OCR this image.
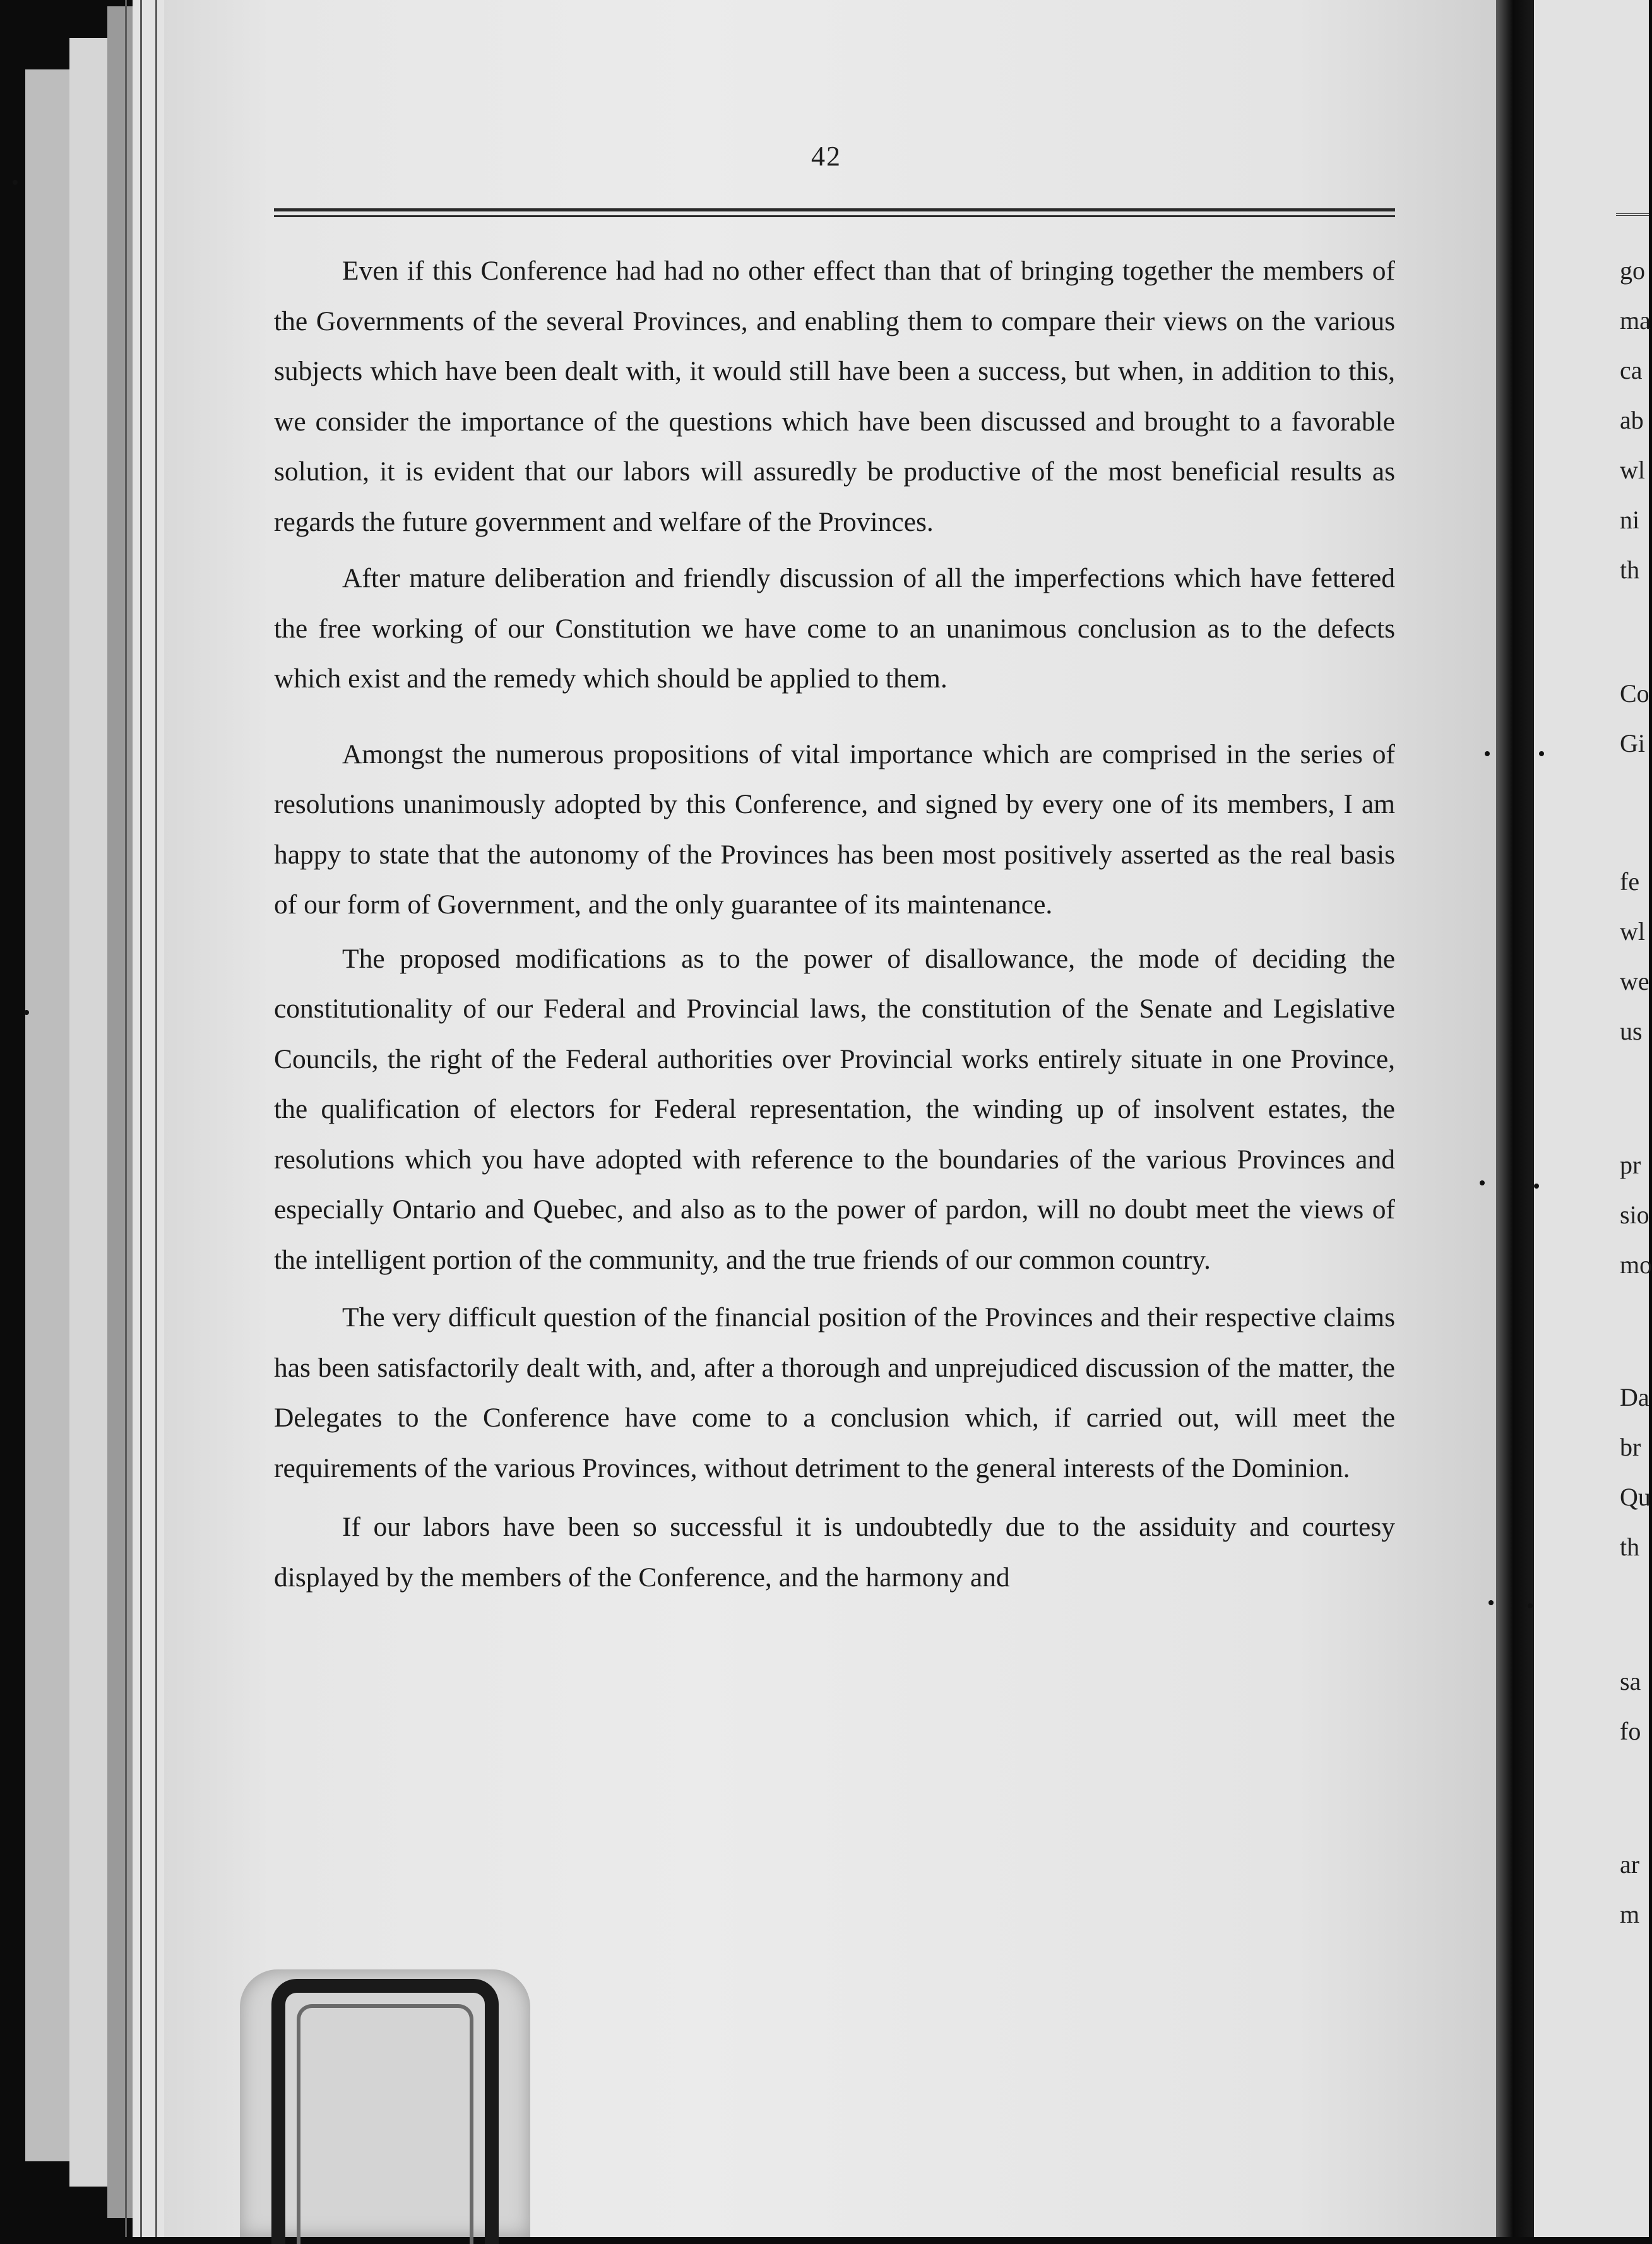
42

Even if this Conference had had no other effect than that of bringing together the members of the Governments of the several Provinces, and enabling them to compare their views on the various subjects which have been dealt with, it would still have been a success, but when, in addition to this, we consider the importance of the questions which have been discussed and brought to a favorable solution, it is evident that our labors will assuredly be productive of the most beneficial results as regards the future government and welfare of the Provinces.

After mature deliberation and friendly discussion of all the imperfections which have fettered the free working of our Constitution we have come to an unanimous conclusion as to the defects which exist and the remedy which should be applied to them.

Amongst the numerous propositions of vital importance which are comprised in the series of resolutions unanimously adopted by this Conference, and signed by every one of its members, I am happy to state that the autonomy of the Provinces has been most positively asserted as the real basis of our form of Government, and the only guarantee of its maintenance.

The proposed modifications as to the power of disallowance, the mode of deciding the constitutionality of our Federal and Provincial laws, the constitution of the Senate and Legislative Councils, the right of the Federal authorities over Provincial works entirely situate in one Province, the qualification of electors for Federal representation, the winding up of insolvent estates, the resolutions which you have adopted with reference to the boundaries of the various Provinces and especially Ontario and Quebec, and also as to the power of pardon, will no doubt meet the views of the intelligent portion of the community, and the true friends of our common country.

The very difficult question of the financial position of the Provinces and their respective claims has been satisfactorily dealt with, and, after a thorough and unprejudiced discussion of the matter, the Delegates to the Conference have come to a conclusion which, if carried out, will meet the requirements of the various Provinces, without detriment to the general interests of the Dominion.

If our labors have been so successful it is undoubtedly due to the assiduity and courtesy displayed by the members of the Conference, and the harmony and

go
ma
ca
ab
wl
ni
th
Co
Gi
fe
wl
we
us
pr
sio
mo
Da
br
Qu
th
sa
fo
ar
m
